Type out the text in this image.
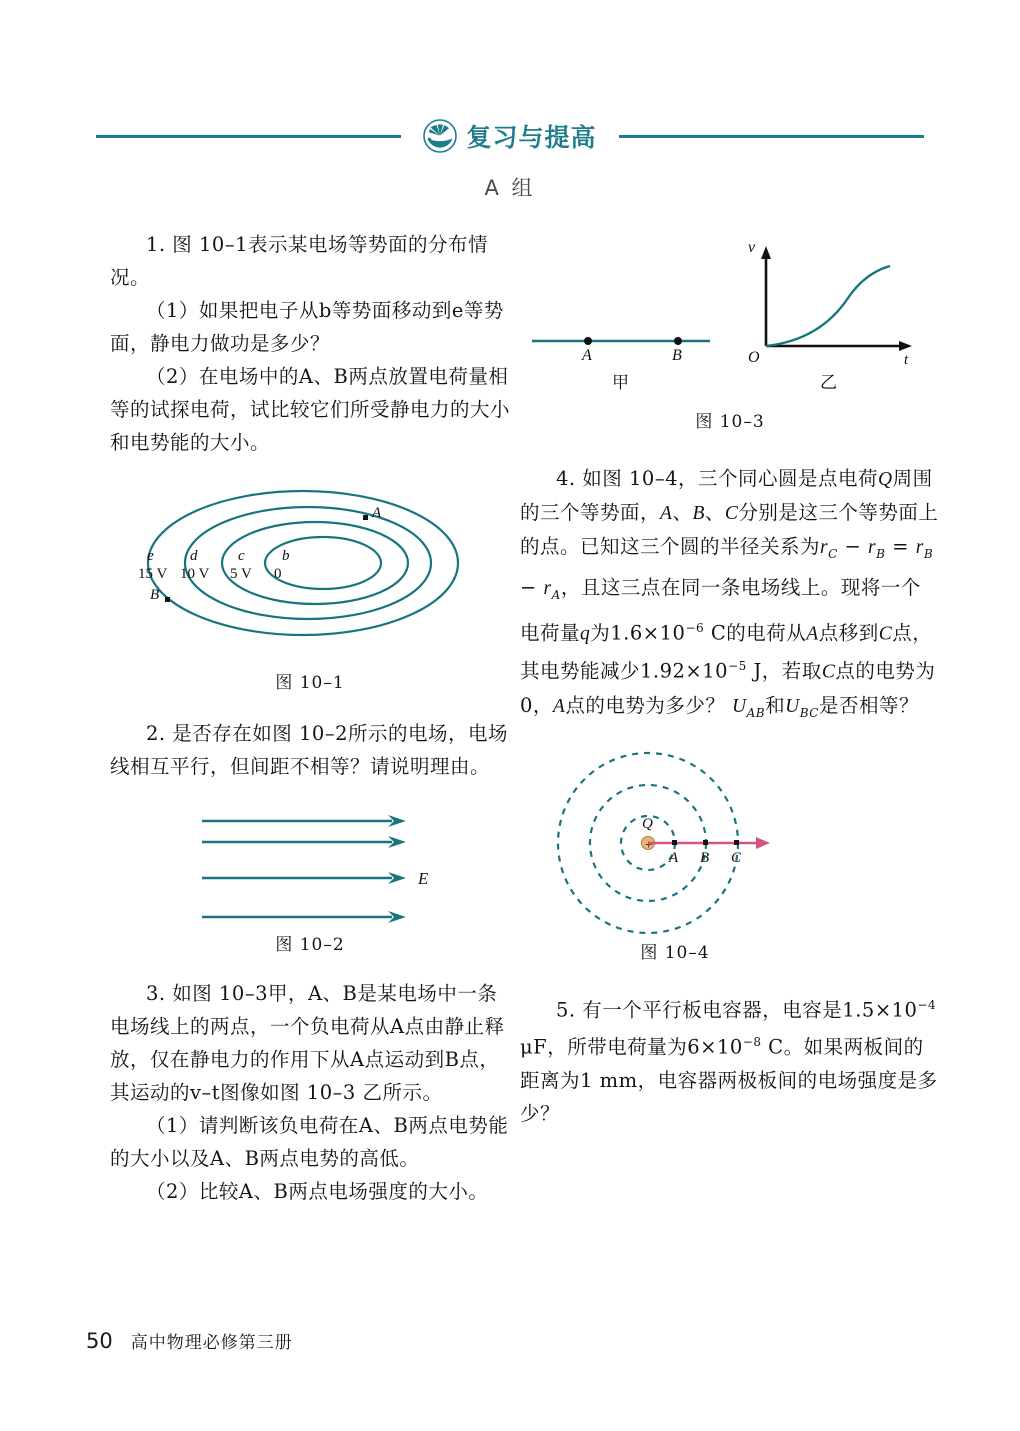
复习与提高
A 组

1. 图 10–1表示某电场等势面的分布情况。

（1）如果把电子从b等势面移动到e等势面，静电力做功是多少？

（2）在电场中的A、B两点放置电荷量相等的试探电荷，试比较它们所受静电力的大小和电势能的大小。

A
B
e
15 V
d
10 V
c
5 V
b
0
图 10–1

2. 是否存在如图 10–2所示的电场，电场线相互平行，但间距不相等？请说明理由。

E
图 10–2

3. 如图 10–3甲，A、B是某电场中一条电场线上的两点，一个负电荷从A点由静止释放，仅在静电力的作用下从A点运动到B点，其运动的v–t图像如图 10–3 乙所示。

（1）请判断该负电荷在A、B两点电势能的大小以及A、B两点电势的高低。

（2）比较A、B两点电场强度的大小。

A	B
甲
v
t
O
乙
图 10–3

4. 如图 10–4，三个同心圆是点电荷Q周围的三个等势面，A、B、C分别是这三个等势面上的点。已知这三个圆的半径关系为$r_C - r_B = r_B - r_A$，且这三点在同一条电场线上。现将一个电荷量q为$1.6\times 10^{-6}$ C的电荷从A点移到C点，其电势能减少$1.92\times 10^{-5}$ J，若取C点的电势为0，A点的电势为多少？ $U_{AB}$和$U_{BC}$是否相等？

+
Q
A B C
图 10–4

5. 有一个平行板电容器，电容是$1.5\times 10^{-4}$ μF，所带电荷量为$6\times 10^{-8}$ C。如果两板间的距离为1 mm，电容器两极板间的电场强度是多少？

50 高中物理必修第三册
